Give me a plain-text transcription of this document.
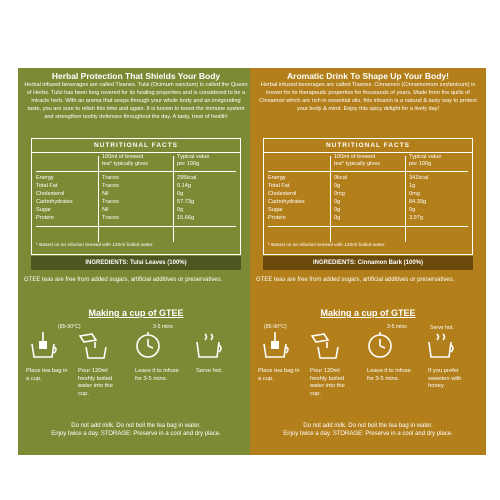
Herbal Protection That Shields Your Body
Herbal infused beverages are called Tisanes. Tulsi (Ocimum sanctum) is called the Queen of Herbs. Tulsi has been long revered for its healing properties and is considered to be a miracle herb. With an aroma that seeps through your whole body and an invigorating taste, you are sure to relish this time and again. It is known to boost the immune system and strengthen bodily defenses throughout the day. A tasty, treat of health!
NUTRITIONAL FACTS
100ml of brewed
tea* typically gives
Typical value
per 100g
Energy	Traces	295kcal
Total Fat	Traces	0.14g
Cholesterol	Nil	0g
Carbohydrates	Traces	57.73g
Sugar	Nil	0g
Protein	Traces	15.66g
* Based on an infusion brewed with 120ml boiled water.
INGREDIENTS: Tulsi Leaves (100%)
GTEE teas are free from added sugars, artificial additives or preservatives.
Making a cup of GTEE
(85-90°C)	3-5 mins
Place tea bag in a cup.
Pour 120ml freshly boiled water into the cup.
Leave it to infuse for 3-5 mins.
Serve hot.
Do not add milk. Do not boil the tea bag in water.
Enjoy twice a day. STORAGE: Preserve in a cool and dry place.
Aromatic Drink To Shape Up Your Body!
Herbal infused beverages are called Tisanes. Cinnamon (Cinnamomum zeylanicum) is known for its therapeutic properties for thousands of years. Made from the quills of Cinnamon which are rich in essential oils, this infusion is a natural & tasty way to protect your body & mind. Enjoy this spicy delight for a lively day!
NUTRITIONAL FACTS
100ml of brewed
tea* typically gives
Typical value
per 100g
Energy	0kcal	341kcal
Total Fat	0g	1g
Cholesterol	0mg	0mg
Carbohydrates	0g	84.39g
Sugar	0g	0g
Protein	0g	3.97g
* Based on an infusion brewed with 120ml boiled water.
INGREDIENTS: Cinnamon Bark (100%)
GTEE teas are free from added sugars, artificial additives or preservatives.
Making a cup of GTEE
(85-90°C)	3-5 mins	Serve hot.
Place tea bag in a cup.
Pour 120ml freshly boiled water into the cup.
Leave it to infuse for 3-5 mins.
If you prefer sweeten with honey.
Do not add milk. Do not boil the tea bag in water.
Enjoy twice a day. STORAGE: Preserve in a cool and dry place.
